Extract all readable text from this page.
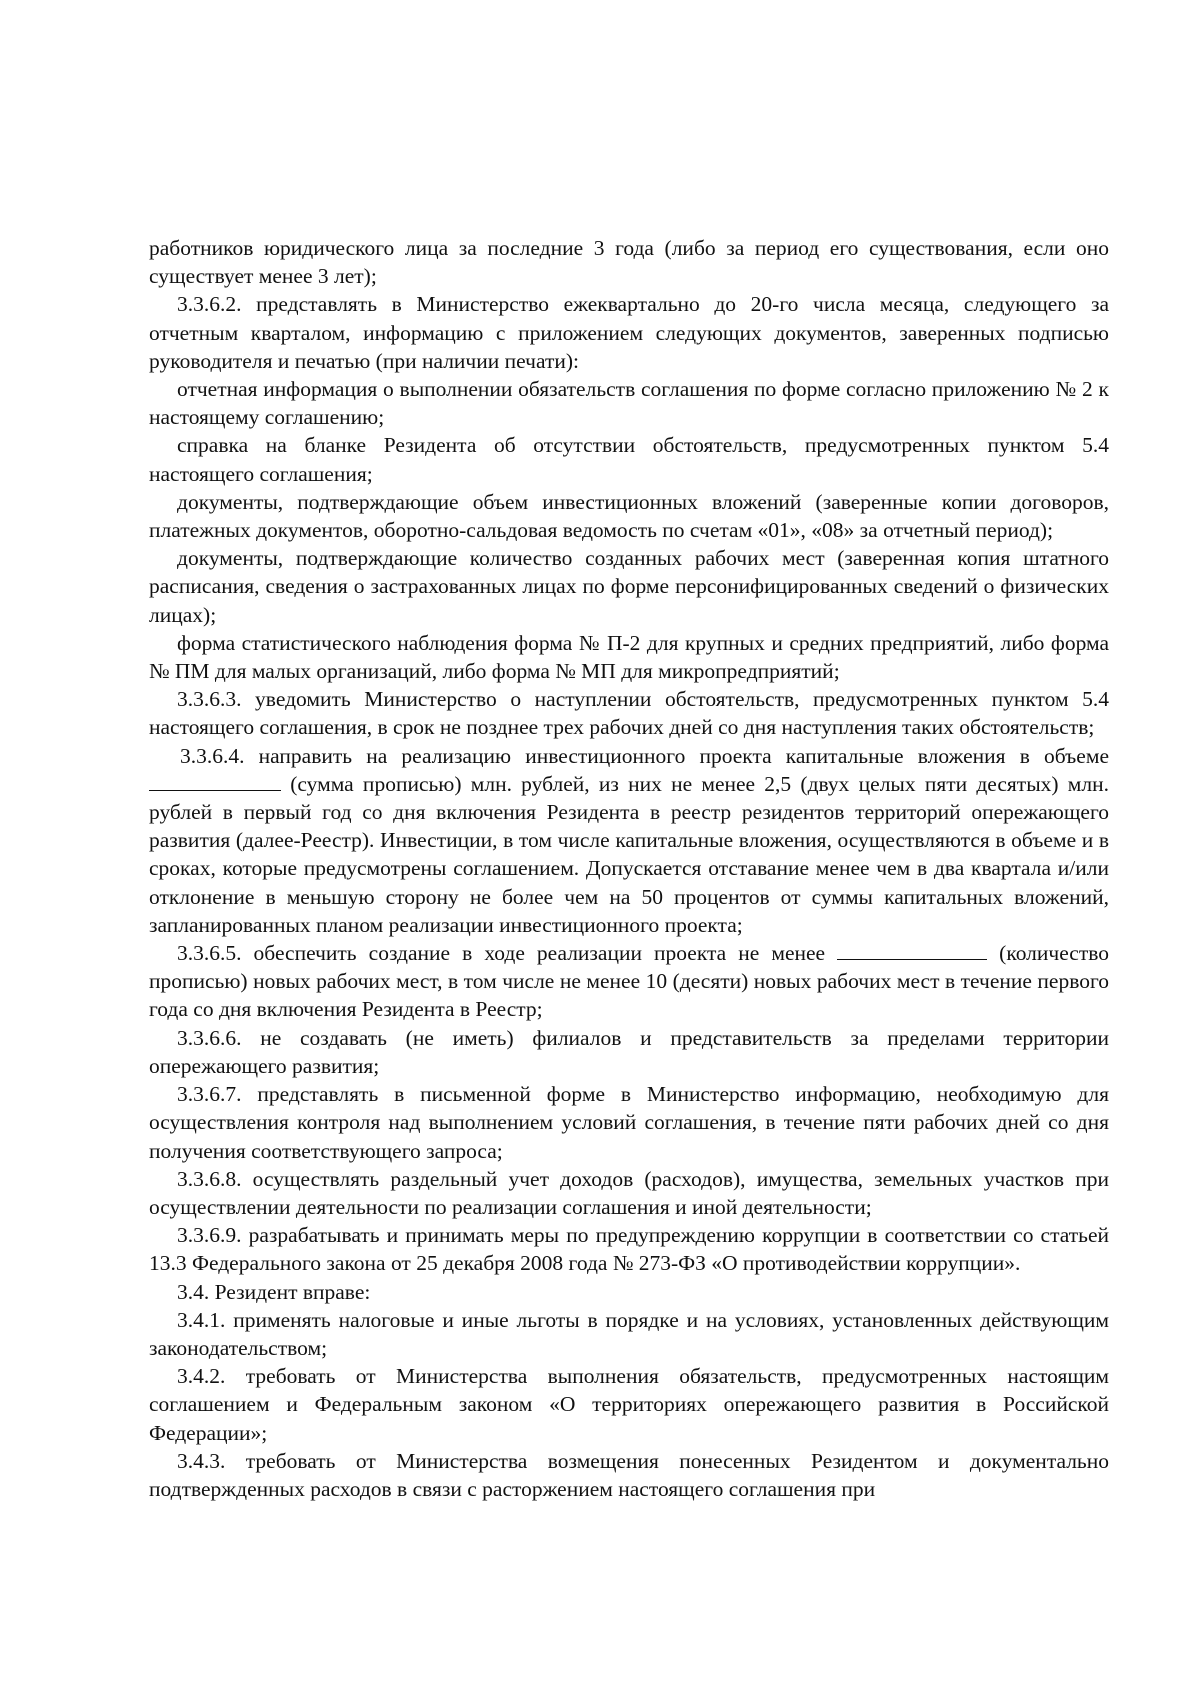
работников юридического лица за последние 3 года (либо за период его существования, если оно существует менее 3 лет);

3.3.6.2. представлять в Министерство ежеквартально до 20-го числа месяца, следующего за отчетным кварталом, информацию с приложением следующих документов, заверенных подписью руководителя и печатью (при наличии печати):

отчетная информация о выполнении обязательств соглашения по форме согласно приложению № 2 к настоящему соглашению;

справка на бланке Резидента об отсутствии обстоятельств, предусмотренных пунктом 5.4 настоящего соглашения;

документы, подтверждающие объем инвестиционных вложений (заверенные копии договоров, платежных документов, оборотно-сальдовая ведомость по счетам «01», «08» за отчетный период);

документы, подтверждающие количество созданных рабочих мест (заверенная копия штатного расписания, сведения о застрахованных лицах по форме персонифицированных сведений о физических лицах);

форма статистического наблюдения форма № П-2 для крупных и средних предприятий, либо форма № ПМ для малых организаций, либо форма № МП для микропредприятий;

3.3.6.3. уведомить Министерство о наступлении обстоятельств, предусмотренных пунктом 5.4 настоящего соглашения, в срок не позднее трех рабочих дней со дня наступления таких обстоятельств;

3.3.6.4. направить на реализацию инвестиционного проекта капитальные вложения в объеме  (сумма прописью) млн. рублей, из них не менее 2,5 (двух целых пяти десятых) млн. рублей в первый год со дня включения Резидента в реестр резидентов территорий опережающего развития (далее-Реестр). Инвестиции, в том числе капитальные вложения, осуществляются в объеме и в сроках, которые предусмотрены соглашением. Допускается отставание менее чем в два квартала и/или отклонение в меньшую сторону не более чем на 50 процентов от суммы капитальных вложений, запланированных планом реализации инвестиционного проекта;

3.3.6.5. обеспечить создание в ходе реализации проекта не менее	(количество прописью) новых рабочих мест, в том числе не менее 10 (десяти) новых рабочих мест в течение первого года со дня включения Резидента в Реестр;

3.3.6.6. не создавать (не иметь) филиалов и представительств за пределами территории опережающего развития;

3.3.6.7. представлять в письменной форме в Министерство информацию, необходимую для осуществления контроля над выполнением условий соглашения, в течение пяти рабочих дней со дня получения соответствующего запроса;

3.3.6.8. осуществлять раздельный учет доходов (расходов), имущества, земельных участков при осуществлении деятельности по реализации соглашения и иной деятельности;

3.3.6.9. разрабатывать и принимать меры по предупреждению коррупции в соответствии со статьей 13.3 Федерального закона от 25 декабря 2008 года № 273-ФЗ «О противодействии коррупции».

3.4. Резидент вправе:

3.4.1. применять налоговые и иные льготы в порядке и на условиях, установленных действующим законодательством;

3.4.2. требовать от Министерства выполнения обязательств, предусмотренных настоящим соглашением и Федеральным законом «О территориях опережающего развития в Российской Федерации»;

3.4.3. требовать от Министерства возмещения понесенных Резидентом и документально подтвержденных расходов в связи с расторжением настоящего соглашения при
